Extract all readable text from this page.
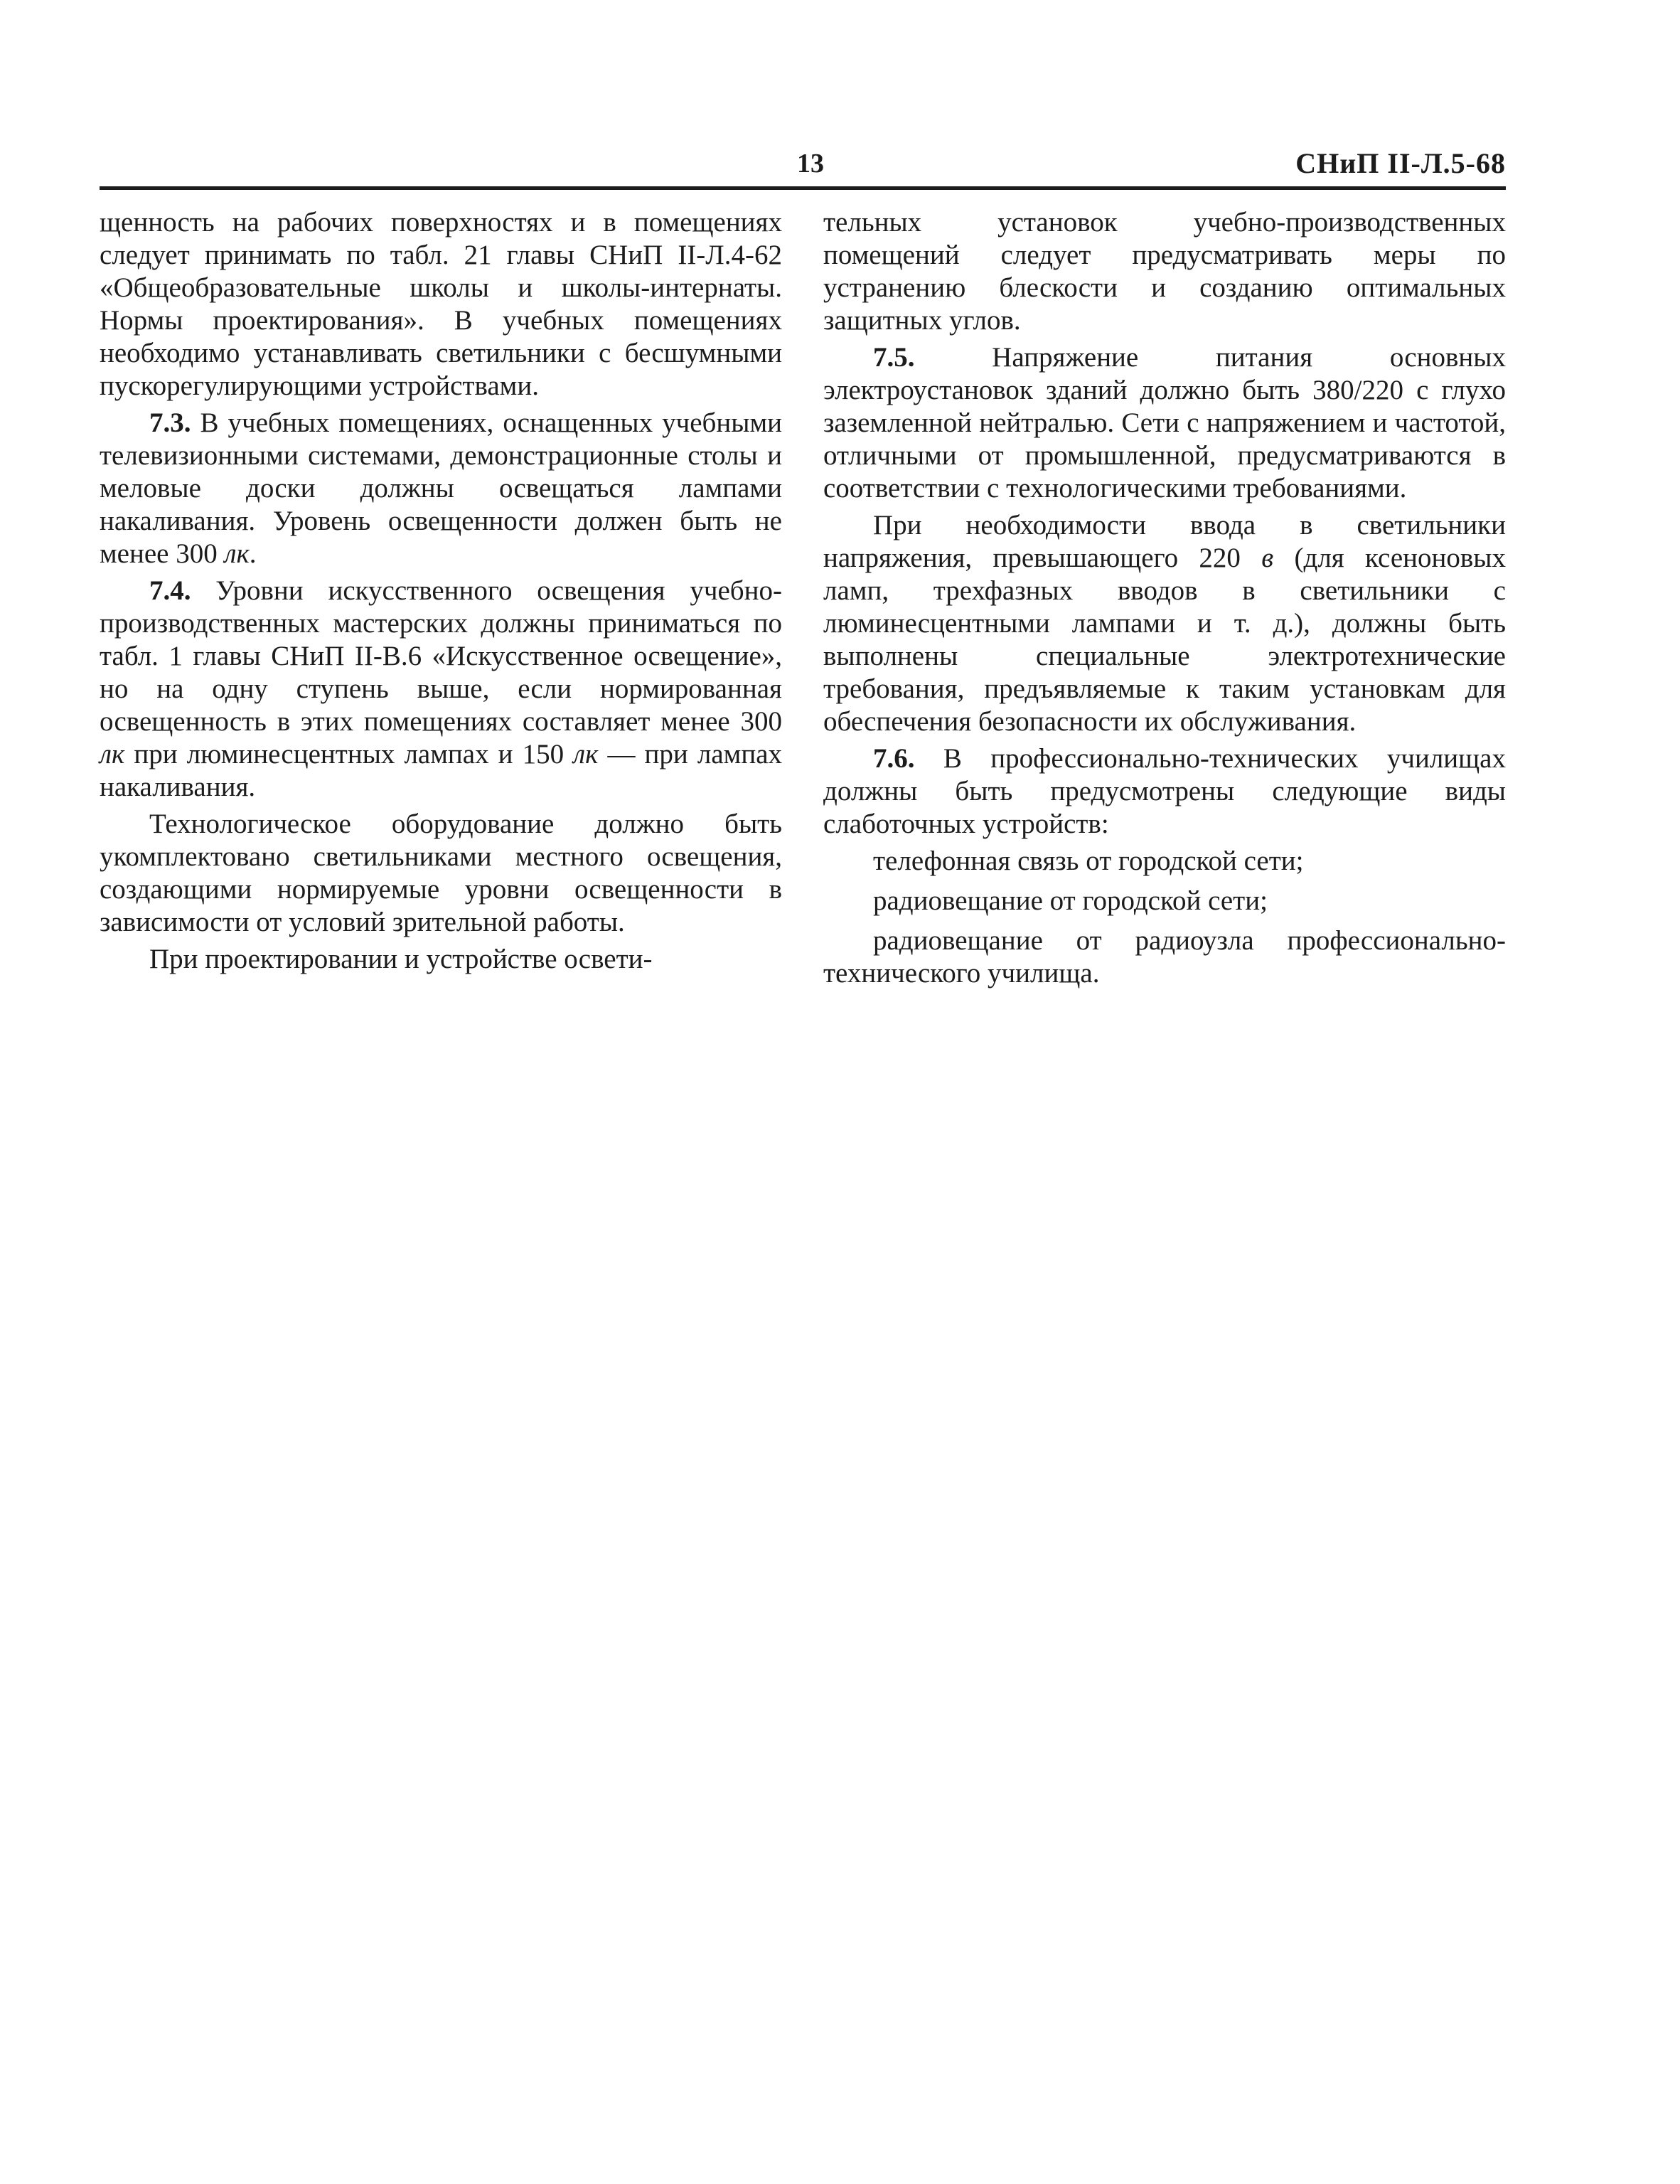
13	СНиП II-Л.5-68

щенность на рабочих поверхностях и в помещениях следует принимать по табл. 21 главы СНиП II-Л.4-62 «Общеобразовательные школы и школы-интернаты. Нормы проектирования». В учебных помещениях необходимо устанавливать светильники с бесшумными пускорегулирующими устройствами.

7.3. В учебных помещениях, оснащенных учебными телевизионными системами, демонстрационные столы и меловые доски должны освещаться лампами накаливания. Уровень освещенности должен быть не менее 300 лк.

7.4. Уровни искусственного освещения учебно-производственных мастерских должны приниматься по табл. 1 главы СНиП II-В.6 «Искусственное освещение», но на одну ступень выше, если нормированная освещенность в этих помещениях составляет менее 300 лк при люминесцентных лампах и 150 лк — при лампах накаливания.

Технологическое оборудование должно быть укомплектовано светильниками местного освещения, создающими нормируемые уровни освещенности в зависимости от условий зрительной работы.

При проектировании и устройстве освети-

тельных установок учебно-производственных помещений следует предусматривать меры по устранению блескости и созданию оптимальных защитных углов.

7.5. Напряжение питания основных электроустановок зданий должно быть 380/220 с глухо заземленной нейтралью. Сети с напряжением и частотой, отличными от промышленной, предусматриваются в соответствии с технологическими требованиями.

При необходимости ввода в светильники напряжения, превышающего 220 в (для ксеноновых ламп, трехфазных вводов в светильники с люминесцентными лампами и т. д.), должны быть выполнены специальные электротехнические требования, предъявляемые к таким установкам для обеспечения безопасности их обслуживания.

7.6. В профессионально-технических училищах должны быть предусмотрены следующие виды слаботочных устройств:

телефонная связь от городской сети;

радиовещание от городской сети;

радиовещание от радиоузла профессионально-технического училища.
